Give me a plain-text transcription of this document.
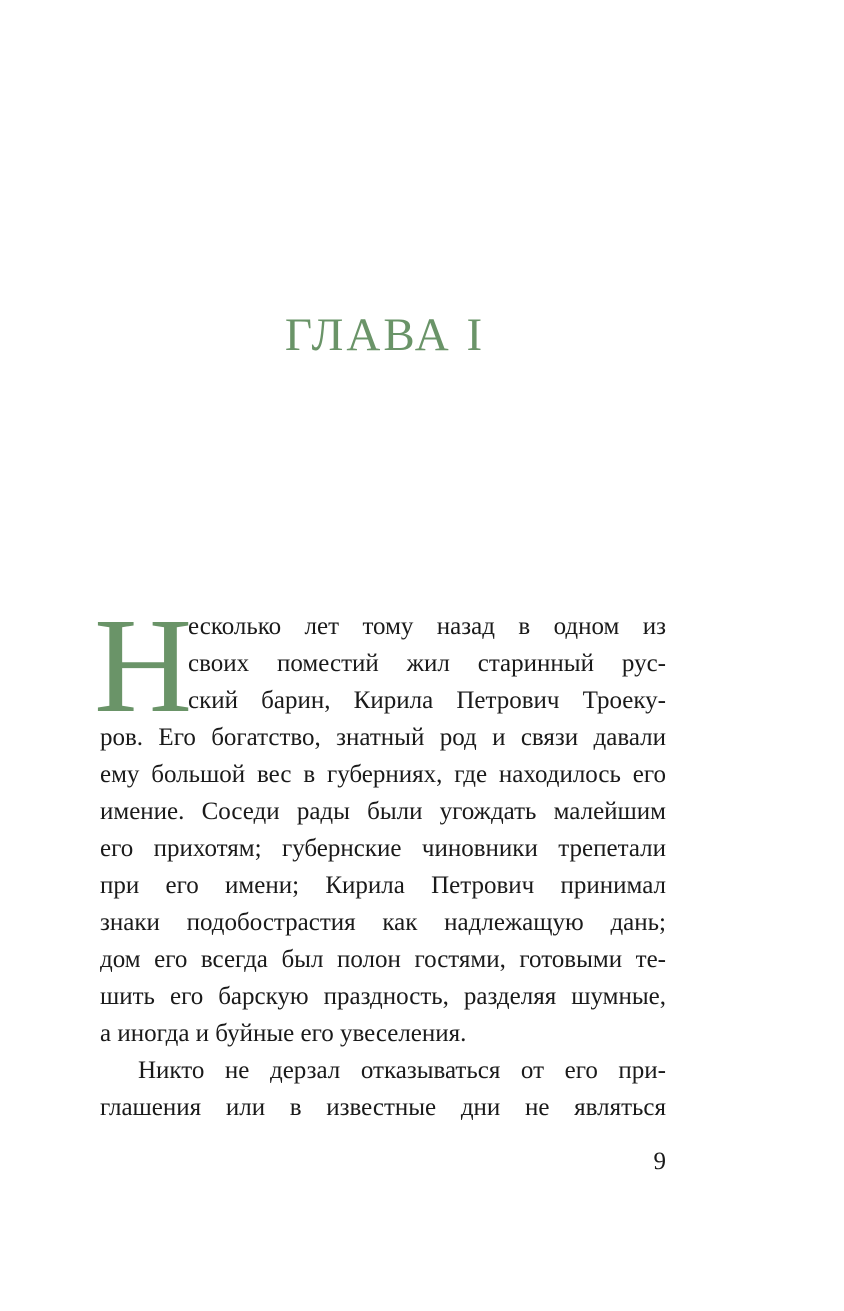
ГЛАВА I
Н
есколько лет тому назад в одном из
своих поместий жил старинный рус-
ский барин, Кирила Петрович Троеку-
ров. Его богатство, знатный род и связи давали
ему большой вес в губерниях, где находилось его
имение. Соседи рады были угождать малейшим
его прихотям; губернские чиновники трепетали
при его имени; Кирила Петрович принимал
знаки подобострастия как надлежащую дань;
дом его всегда был полон гостями, готовыми те-
шить его барскую праздность, разделяя шумные,
а иногда и буйные его увеселения.
Никто не дерзал отказываться от его при-
глашения или в известные дни не являться
9
